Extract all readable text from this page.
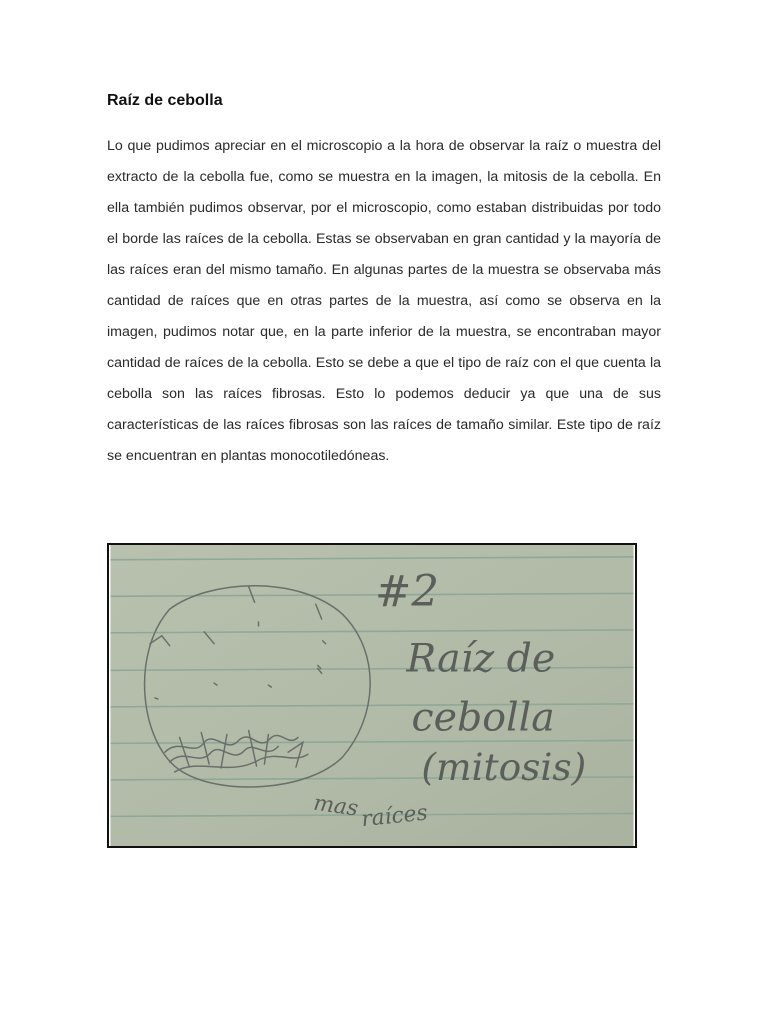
Raíz de cebolla

Lo que pudimos apreciar en el microscopio a la hora de observar la raíz o muestra del extracto de la cebolla fue, como se muestra en la imagen, la mitosis de la cebolla. En ella también pudimos observar, por el microscopio, como estaban distribuidas por todo el borde las raíces de la cebolla. Estas se observaban en gran cantidad y la mayoría de las raíces eran del mismo tamaño. En algunas partes de la muestra se observaba más cantidad de raíces que en otras partes de la muestra, así como se observa en la imagen, pudimos notar que, en la parte inferior de la muestra, se encontraban mayor cantidad de raíces de la cebolla. Esto se debe a que el tipo de raíz con el que cuenta la cebolla son las raíces fibrosas. Esto lo podemos deducir ya que una de sus características de las raíces fibrosas son las raíces de tamaño similar. Este tipo de raíz se encuentran en plantas monocotiledóneas.

#2
Raíz de
cebolla
(mitosis)
mas raíces
